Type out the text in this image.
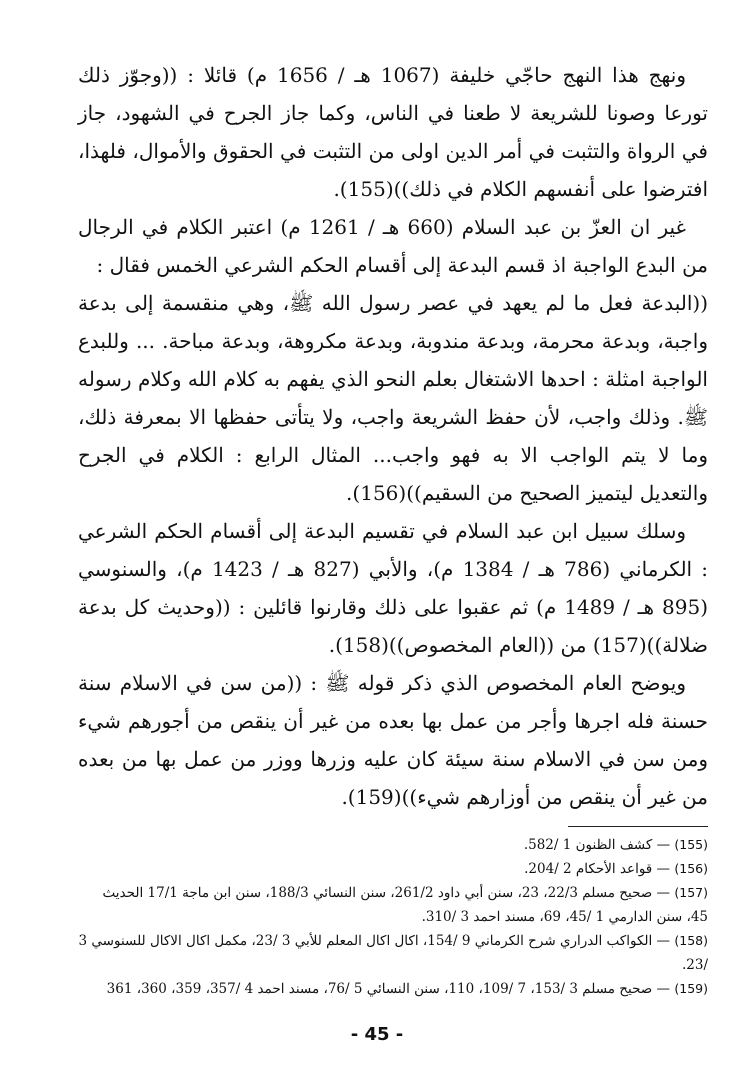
ونهج هذا النهج حاجّي خليفة (1067 هـ / 1656 م) قائلا : ((وجوّز ذلك تورعا وصونا للشريعة لا طعنا في الناس، وكما جاز الجرح في الشهود، جاز في الرواة والتثبت في أمر الدين اولى من التثبت في الحقوق والأموال، فلهذا، افترضوا على أنفسهم الكلام في ذلك))(155).

غير ان العزّ بن عبد السلام (660 هـ / 1261 م) اعتبر الكلام في الرجال من البدع الواجبة اذ قسم البدعة إلى أقسام الحكم الشرعي الخمس فقال :

((البدعة فعل ما لم يعهد في عصر رسول الله ﷺ، وهي منقسمة إلى بدعة واجبة، وبدعة محرمة، وبدعة مندوبة، وبدعة مكروهة، وبدعة مباحة. ... وللبدع الواجبة امثلة : احدها الاشتغال بعلم النحو الذي يفهم به كلام الله وكلام رسوله ﷺ. وذلك واجب، لأن حفظ الشريعة واجب، ولا يتأتى حفظها الا بمعرفة ذلك، وما لا يتم الواجب الا به فهو واجب... المثال الرابع : الكلام في الجرح والتعديل ليتميز الصحيح من السقيم))(156).

وسلك سبيل ابن عبد السلام في تقسيم البدعة إلى أقسام الحكم الشرعي : الكرماني (786 هـ / 1384 م)، والأبي (827 هـ / 1423 م)، والسنوسي (895 هـ / 1489 م) ثم عقبوا على ذلك وقارنوا قائلين : ((وحديث كل بدعة ضلالة))(157) من ((العام المخصوص))(158).

ويوضح العام المخصوص الذي ذكر قوله ﷺ : ((من سن في الاسلام سنة حسنة فله اجرها وأجر من عمل بها بعده من غير أن ينقص من أجورهم شيء ومن سن في الاسلام سنة سيئة كان عليه وزرها ووزر من عمل بها من بعده من غير أن ينقص من أوزارهم شيء))(159).

(155) — كشف الظنون 1 /582.

(156) — قواعد الأحكام 2 /204.

(157) — صحيح مسلم 22/3، 23، سنن أبي داود 261/2، سنن النسائي 188/3، سنن ابن ماجة 17/1 الحديث 45، سنن الدارمي 1 /45، 69، مسند احمد 3 /310.

(158) — الكواكب الدراري شرح الكرماني 9 /154، اكال اكال المعلم للأبي 3 /23، مكمل اكال الاكال للسنوسي 3 /23.

(159) — صحيح مسلم 3 /153، 7 /109، 110، سنن النسائي 5 /76، مسند احمد 4 /357، 359، 360، 361

- 45 -
